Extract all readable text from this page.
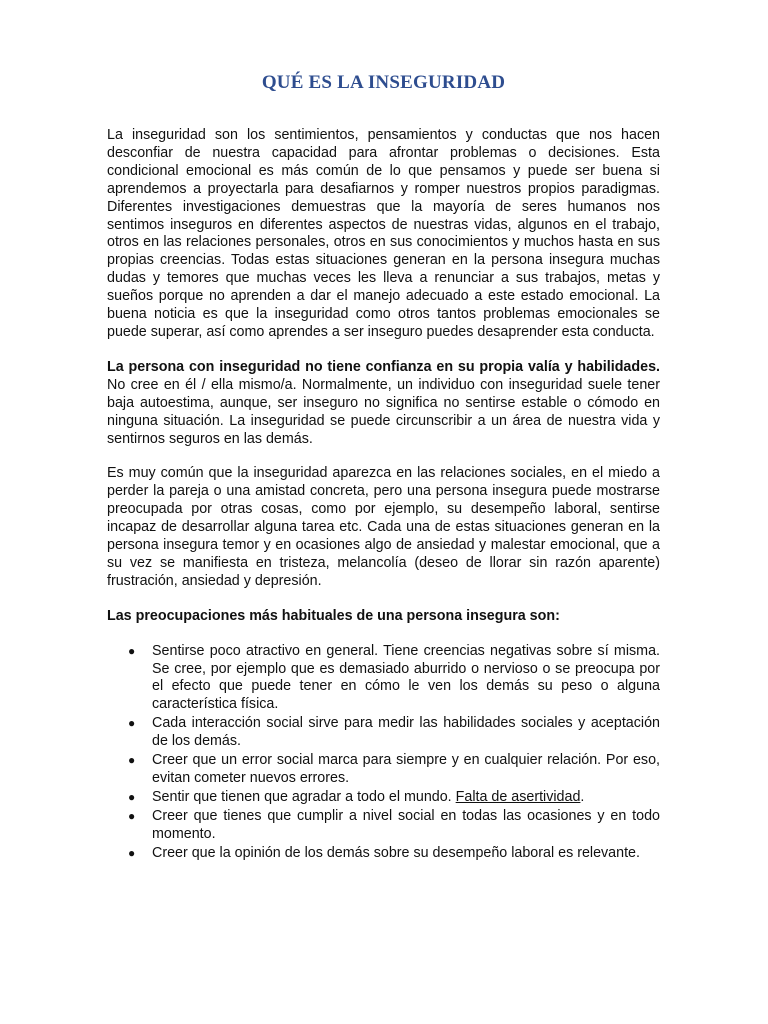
QUÉ ES LA INSEGURIDAD

La inseguridad son los sentimientos, pensamientos y conductas que nos hacen desconfiar de nuestra capacidad para afrontar problemas o decisiones. Esta condicional emocional es más común de lo que pensamos y puede ser buena si aprendemos a proyectarla para desafiarnos y romper nuestros propios paradigmas. Diferentes investigaciones demuestras que la mayoría de seres humanos nos sentimos inseguros en diferentes aspectos de nuestras vidas, algunos en el trabajo, otros en las relaciones personales, otros en sus conocimientos y muchos hasta en sus propias creencias. Todas estas situaciones generan en la persona insegura muchas dudas y temores que muchas veces les lleva a renunciar a sus trabajos, metas y sueños porque no aprenden a dar el manejo adecuado a este estado emocional. La buena noticia es que la inseguridad como otros tantos problemas emocionales se puede superar, así como aprendes a ser inseguro puedes desaprender esta conducta.

La persona con inseguridad no tiene confianza en su propia valía y habilidades. No cree en él / ella mismo/a. Normalmente, un individuo con inseguridad suele tener baja autoestima, aunque, ser inseguro no significa no sentirse estable o cómodo en ninguna situación. La inseguridad se puede circunscribir a un área de nuestra vida y sentirnos seguros en las demás.

Es muy común que la inseguridad aparezca en las relaciones sociales, en el miedo a perder la pareja o una amistad concreta, pero una persona insegura puede mostrarse preocupada por otras cosas, como por ejemplo, su desempeño laboral, sentirse incapaz de desarrollar alguna tarea etc. Cada una de estas situaciones generan en la persona insegura temor y en ocasiones algo de ansiedad y malestar emocional, que a su vez se manifiesta en tristeza, melancolía (deseo de llorar sin razón aparente) frustración, ansiedad y depresión.

Las preocupaciones más habituales de una persona insegura son:

● Sentirse poco atractivo en general. Tiene creencias negativas sobre sí misma. Se cree, por ejemplo que es demasiado aburrido o nervioso o se preocupa por el efecto que puede tener en cómo le ven los demás su peso o alguna característica física.
● Cada interacción social sirve para medir las habilidades sociales y aceptación de los demás.
● Creer que un error social marca para siempre y en cualquier relación. Por eso, evitan cometer nuevos errores.
● Sentir que tienen que agradar a todo el mundo. Falta de asertividad.
● Creer que tienes que cumplir a nivel social en todas las ocasiones y en todo momento.
● Creer que la opinión de los demás sobre su desempeño laboral es relevante.
